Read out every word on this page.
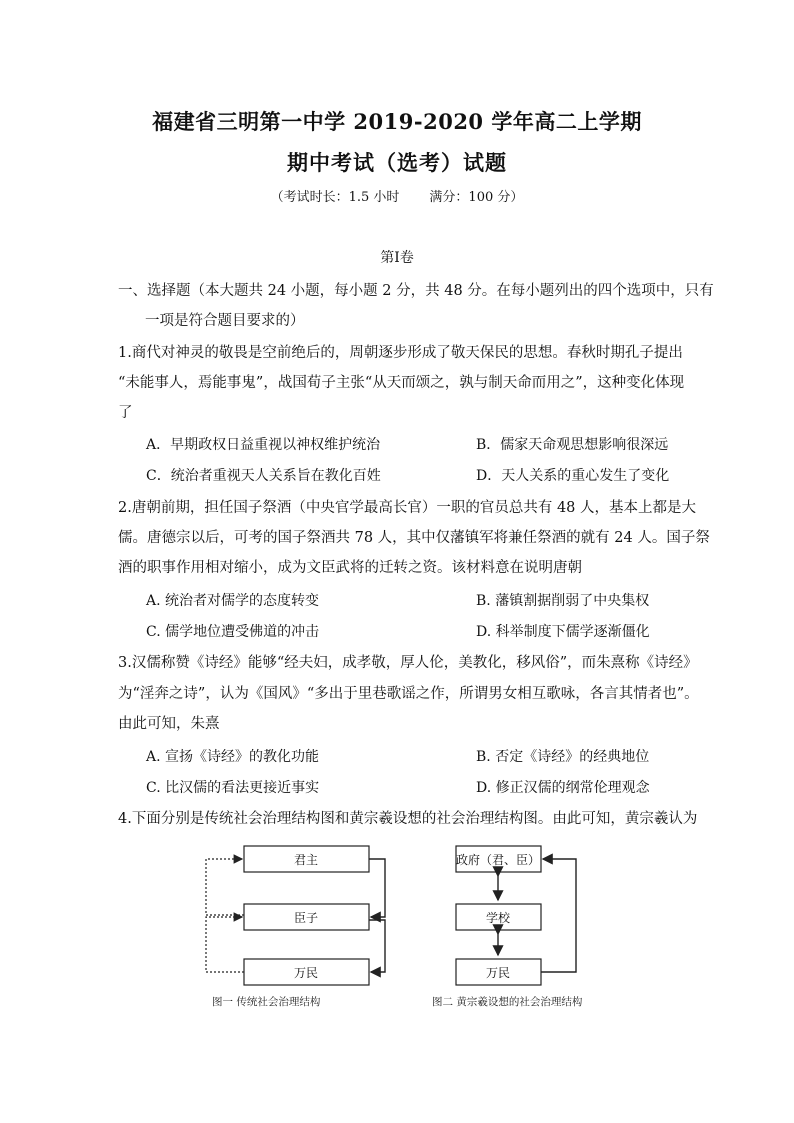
福建省三明第一中学 2019-2020 学年高二上学期
期中考试（选考）试题
（考试时长：1.5 小时 满分：100 分）
第Ⅰ卷
一、选择题（本大题共 24 小题，每小题 2 分，共 48 分。在每小题列出的四个选项中，只有
一项是符合题目要求的）
1.商代对神灵的敬畏是空前绝后的，周朝逐步形成了敬天保民的思想。春秋时期孔子提出
“未能事人，焉能事鬼”，战国荀子主张“从天而颂之，孰与制天命而用之”，这种变化体现
了
A．早期政权日益重视以神权维护统治	B．儒家天命观思想影响很深远
C．统治者重视天人关系旨在教化百姓	D．天人关系的重心发生了变化
2.唐朝前期，担任国子祭酒（中央官学最高长官）一职的官员总共有 48 人，基本上都是大
儒。唐德宗以后，可考的国子祭酒共 78 人，其中仅藩镇军将兼任祭酒的就有 24 人。国子祭
酒的职事作用相对缩小，成为文臣武将的迁转之资。该材料意在说明唐朝
A. 统治者对儒学的态度转变	B. 藩镇割据削弱了中央集权
C. 儒学地位遭受佛道的冲击	D. 科举制度下儒学逐渐僵化
3.汉儒称赞《诗经》能够“经夫妇，成孝敬，厚人伦，美教化，移风俗”，而朱熹称《诗经》
为“淫奔之诗”，认为《国风》“多出于里巷歌谣之作，所谓男女相互歌咏，各言其情者也”。
由此可知，朱熹
A. 宣扬《诗经》的教化功能	B. 否定《诗经》的经典地位
C. 比汉儒的看法更接近事实	D. 修正汉儒的纲常伦理观念
4.下面分别是传统社会治理结构图和黄宗羲设想的社会治理结构图。由此可知，黄宗羲认为
君主
臣子
万民
图一 传统社会治理结构
政府（君、臣）
学校
万民
图二 黄宗羲设想的社会治理结构
